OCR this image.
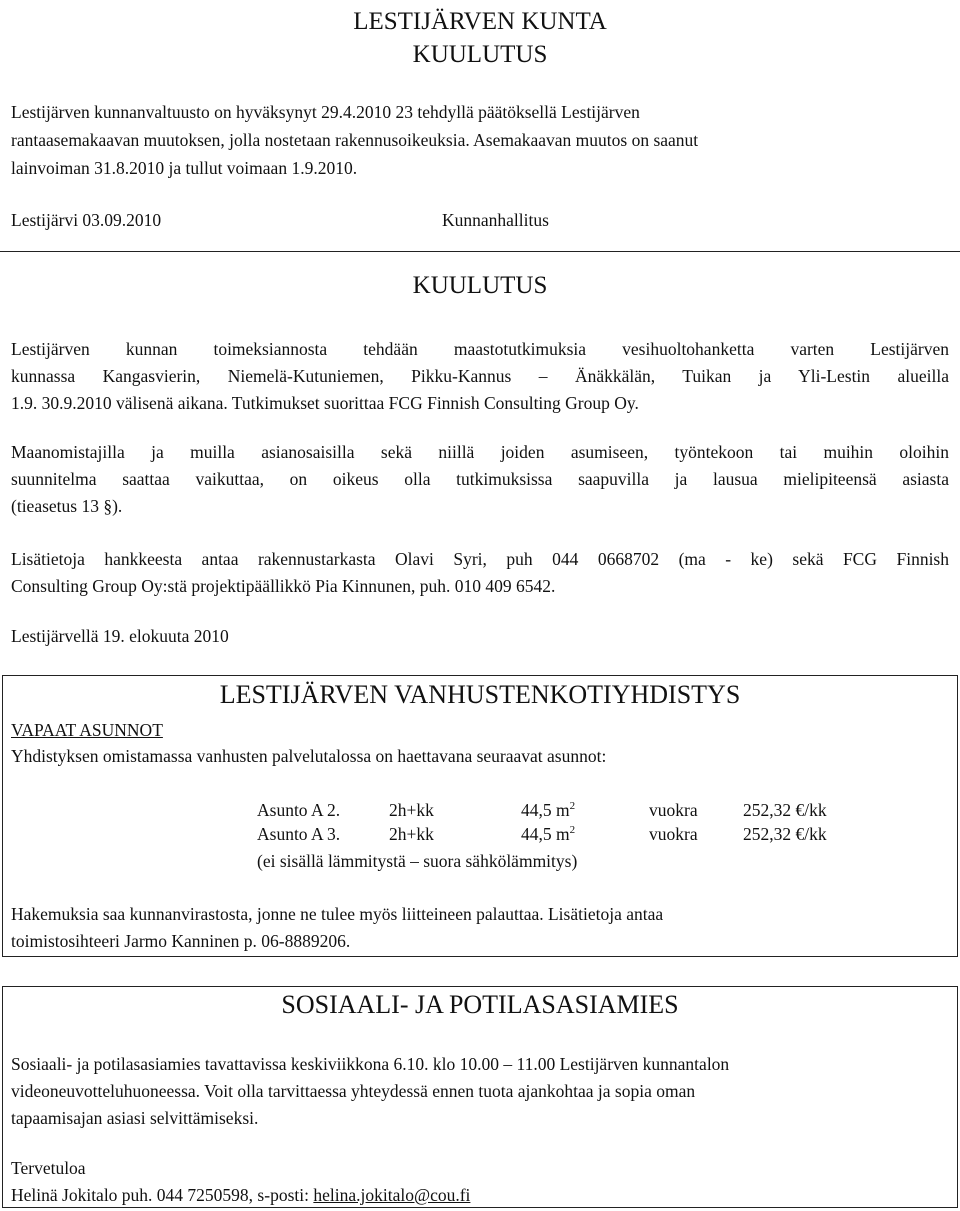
LESTIJÄRVEN KUNTA
KUULUTUS
Lestijärven kunnanvaltuusto on hyväksynyt 29.4.2010 23 tehdyllä päätöksellä Lestijärven
rantaasemakaavan muutoksen, jolla nostetaan rakennusoikeuksia. Asemakaavan muutos on saanut
lainvoiman 31.8.2010 ja tullut voimaan 1.9.2010.
Lestijärvi 03.09.2010	Kunnanhallitus
KUULUTUS
Lestijärven kunnan toimeksiannosta tehdään maastotutkimuksia vesihuoltohanketta varten Lestijärven
kunnassa Kangasvierin, Niemelä-Kutuniemen, Pikku-Kannus – Änäkkälän, Tuikan ja Yli-Lestin alueilla
1.9. 30.9.2010 välisenä aikana. Tutkimukset suorittaa FCG Finnish Consulting Group Oy.
Maanomistajilla ja muilla asianosaisilla sekä niillä joiden asumiseen, työntekoon tai muihin oloihin
suunnitelma saattaa vaikuttaa, on oikeus olla tutkimuksissa saapuvilla ja lausua mielipiteensä asiasta
(tieasetus 13 §).
Lisätietoja hankkeesta antaa rakennustarkasta Olavi Syri, puh 044 0668702 (ma - ke) sekä FCG Finnish
Consulting Group Oy:stä projektipäällikkö Pia Kinnunen, puh. 010 409 6542.
Lestijärvellä 19. elokuuta 2010
LESTIJÄRVEN VANHUSTENKOTIYHDISTYS
VAPAAT ASUNNOT
Yhdistyksen omistamassa vanhusten palvelutalossa on haettavana seuraavat asunnot:
Asunto A 2.	2h+kk	44,5 $m^2$	vuokra	252,32 €/kk
Asunto A 3.	2h+kk	44,5 $m^2$	vuokra	252,32 €/kk
(ei sisällä lämmitystä – suora sähkölämmitys)
Hakemuksia saa kunnanvirastosta, jonne ne tulee myös liitteineen palauttaa. Lisätietoja antaa
toimistosihteeri Jarmo Kanninen p. 06-8889206.
SOSIAALI- JA POTILASASIAMIES
Sosiaali- ja potilasasiamies tavattavissa keskiviikkona 6.10. klo 10.00 – 11.00 Lestijärven kunnantalon
videoneuvotteluhuoneessa. Voit olla tarvittaessa yhteydessä ennen tuota ajankohtaa ja sopia oman
tapaamisajan asiasi selvittämiseksi.
Tervetuloa
Helinä Jokitalo puh. 044 7250598, s-posti: helina.jokitalo@cou.fi
